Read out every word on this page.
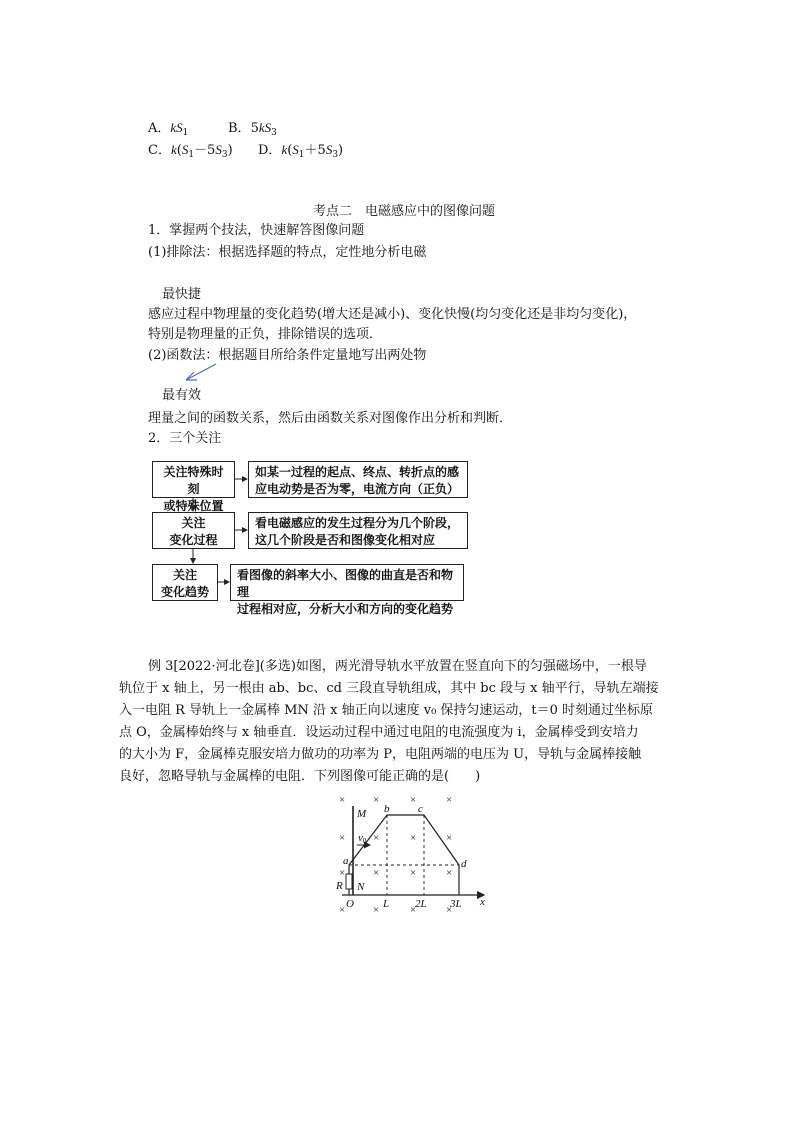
A．$kS_1$	B．$5kS_3$
C．$k(S_1-5S_3)$ D．$k(S_1+5S_3)$
考点二　电磁感应中的图像问题
1．掌握两个技法，快速解答图像问题
(1)排除法：根据选择题的特点，定性地分析电磁
最快捷
感应过程中物理量的变化趋势(增大还是减小)、变化快慢(均匀变化还是非均匀变化)，
特别是物理量的正负，排除错误的选项．
(2)函数法：根据题目所给条件定量地写出两处物
最有效
理量之间的函数关系，然后由函数关系对图像作出分析和判断．
2．三个关注
关注特殊时刻
或特殊位置
如某一过程的起点、终点、转折点的感
应电动势是否为零，电流方向（正负）
关注
变化过程
看电磁感应的发生过程分为几个阶段，
这几个阶段是否和图像变化相对应
关注
变化趋势
看图像的斜率大小、图像的曲直是否和物理
过程相对应，分析大小和方向的变化趋势
例 3[2022·河北卷](多选)如图，两光滑导轨水平放置在竖直向下的匀强磁场中，一根导
轨位于 x 轴上，另一根由 ab、bc、cd 三段直导轨组成，其中 bc 段与 x 轴平行，导轨左端接
入一电阻 R 导轨上一金属棒 MN 沿 x 轴正向以速度 v₀ 保持匀速运动，t＝0 时刻通过坐标原
点 O，金属棒始终与 x 轴垂直．设运动过程中通过电阻的电流强度为 i，金属棒受到安培力
的大小为 F，金属棒克服安培力做功的功率为 P，电阻两端的电压为 U，导轨与金属棒接触
良好，忽略导轨与金属棒的电阻．下列图像可能正确的是(　　)
×	×	×	×
×	×	×	×
×	×	×	×
×	×	×	×
M
N
a
b	c
d
R
O	L 2L 3L x
v0
